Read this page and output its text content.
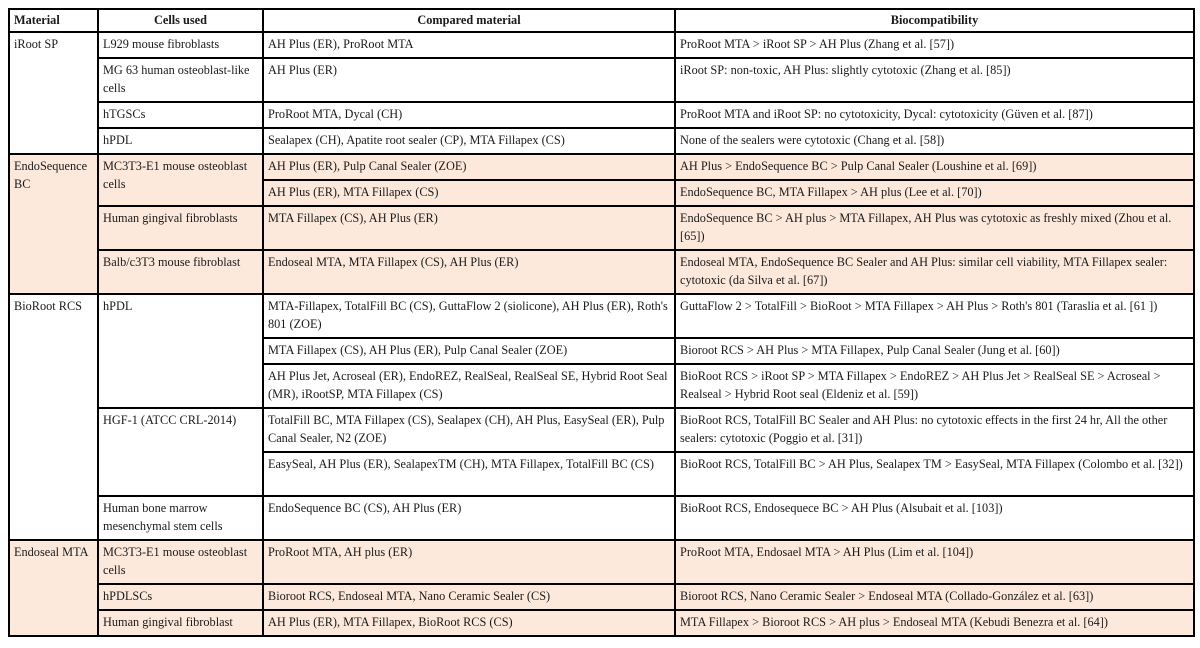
Material	Cells used	Compared material	Biocompatibility
iRoot SP	L929 mouse fibroblasts	AH Plus (ER), ProRoot MTA	ProRoot MTA > iRoot SP > AH Plus (Zhang et al. [57])
	MG 63 human osteoblast-like cells	AH Plus (ER)	iRoot SP: non-toxic, AH Plus: slightly cytotoxic (Zhang et al. [85])
	hTGSCs	ProRoot MTA, Dycal (CH)	ProRoot MTA and iRoot SP: no cytotoxicity, Dycal: cytotoxicity (Güven et al. [87])
	hPDL	Sealapex (CH), Apatite root sealer (CP), MTA Fillapex (CS)	None of the sealers were cytotoxic (Chang et al. [58])
EndoSequence BC	MC3T3-E1 mouse osteoblast cells	AH Plus (ER), Pulp Canal Sealer (ZOE)	AH Plus > EndoSequence BC > Pulp Canal Sealer (Loushine et al. [69])
		AH Plus (ER), MTA Fillapex (CS)	EndoSequence BC, MTA Fillapex > AH plus (Lee et al. [70])
	Human gingival fibroblasts	MTA Fillapex (CS), AH Plus (ER)	EndoSequence BC > AH plus > MTA Fillapex, AH Plus was cytotoxic as freshly mixed (Zhou et al. [65])
	Balb/c3T3 mouse fibroblast	Endoseal MTA, MTA Fillapex (CS), AH Plus (ER)	Endoseal MTA, EndoSequence BC Sealer and AH Plus: similar cell viability, MTA Fillapex sealer: cytotoxic (da Silva et al. [67])
BioRoot RCS	hPDL	MTA-Fillapex, TotalFill BC (CS), GuttaFlow 2 (siolicone), AH Plus (ER), Roth's 801 (ZOE)	GuttaFlow 2 > TotalFill > BioRoot > MTA Fillapex > AH Plus > Roth's 801 (Taraslia et al. [61 ])
		MTA Fillapex (CS), AH Plus (ER), Pulp Canal Sealer (ZOE)	Bioroot RCS > AH Plus > MTA Fillapex, Pulp Canal Sealer (Jung et al. [60])
		AH Plus Jet, Acroseal (ER), EndoREZ, RealSeal, RealSeal SE, Hybrid Root Seal (MR), iRootSP, MTA Fillapex (CS)	BioRoot RCS > iRoot SP > MTA Fillapex > EndoREZ > AH Plus Jet > RealSeal SE > Acroseal > Realseal > Hybrid Root seal (Eldeniz et al. [59])
	HGF-1 (ATCC CRL-2014)	TotalFill BC, MTA Fillapex (CS), Sealapex (CH), AH Plus, EasySeal (ER), Pulp Canal Sealer, N2 (ZOE)	BioRoot RCS, TotalFill BC Sealer and AH Plus: no cytotoxic effects in the first 24 hr, All the other sealers: cytotoxic (Poggio et al. [31])
		EasySeal, AH Plus (ER), SealapexTM (CH), MTA Fillapex, TotalFill BC (CS)	BioRoot RCS, TotalFill BC > AH Plus, Sealapex TM > EasySeal, MTA Fillapex (Colombo et al. [32])
	Human bone marrow mesenchymal stem cells	EndoSequence BC (CS), AH Plus (ER)	BioRoot RCS, Endosequece BC > AH Plus (Alsubait et al. [103])
Endoseal MTA	MC3T3-E1 mouse osteoblast cells	ProRoot MTA, AH plus (ER)	ProRoot MTA, Endosael MTA > AH Plus (Lim et al. [104])
	hPDLSCs	Bioroot RCS, Endoseal MTA, Nano Ceramic Sealer (CS)	Bioroot RCS, Nano Ceramic Sealer > Endoseal MTA (Collado-González et al. [63])
	Human gingival fibroblast	AH Plus (ER), MTA Fillapex, BioRoot RCS (CS)	MTA Fillapex > Bioroot RCS > AH plus > Endoseal MTA (Kebudi Benezra et al. [64])
